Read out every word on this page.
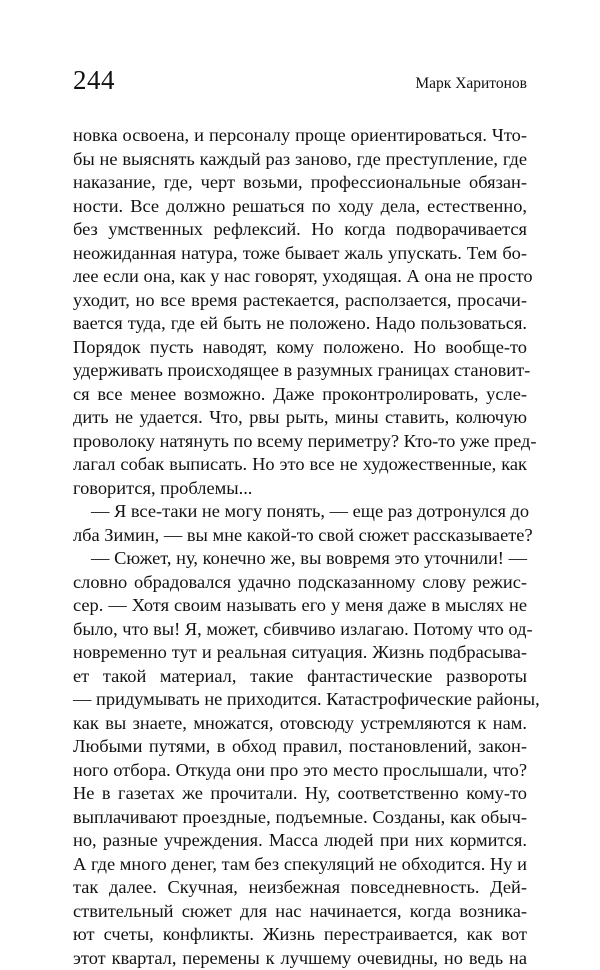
244	Марк Харитонов
новка освоена, и персоналу проще ориентироваться. Что-
бы не выяснять каждый раз заново, где преступление, где
наказание, где, черт возьми, профессиональные обязан-
ности. Все должно решаться по ходу дела, естественно,
без умственных рефлексий. Но когда подворачивается
неожиданная натура, тоже бывает жаль упускать. Тем бо-
лее если она, как у нас говорят, уходящая. А она не просто
уходит, но все время растекается, расползается, просачи-
вается туда, где ей быть не положено. Надо пользоваться.
Порядок пусть наводят, кому положено. Но вообще-то
удерживать происходящее в разумных границах становит-
ся все менее возможно. Даже проконтролировать, усле-
дить не удается. Что, рвы рыть, мины ставить, колючую
проволоку натянуть по всему периметру? Кто-то уже пред-
лагал собак выписать. Но это все не художественные, как
говорится, проблемы...
— Я все-таки не могу понять, — еще раз дотронулся до
лба Зимин, — вы мне какой-то свой сюжет рассказываете?
— Сюжет, ну, конечно же, вы вовремя это уточнили! —
словно обрадовался удачно подсказанному слову режис-
сер. — Хотя своим называть его у меня даже в мыслях не
было, что вы! Я, может, сбивчиво излагаю. Потому что од-
новременно тут и реальная ситуация. Жизнь подбрасыва-
ет такой материал, такие фантастические развороты
— придумывать не приходится. Катастрофические районы,
как вы знаете, множатся, отовсюду устремляются к нам.
Любыми путями, в обход правил, постановлений, закон-
ного отбора. Откуда они про это место прослышали, что?
Не в газетах же прочитали. Ну, соответственно кому-то
выплачивают проездные, подъемные. Созданы, как обыч-
но, разные учреждения. Масса людей при них кормится.
А где много денег, там без спекуляций не обходится. Ну и
так далее. Скучная, неизбежная повседневность. Дей-
ствительный сюжет для нас начинается, когда возника-
ют счеты, конфликты. Жизнь перестраивается, как вот
этот квартал, перемены к лучшему очевидны, но ведь на
